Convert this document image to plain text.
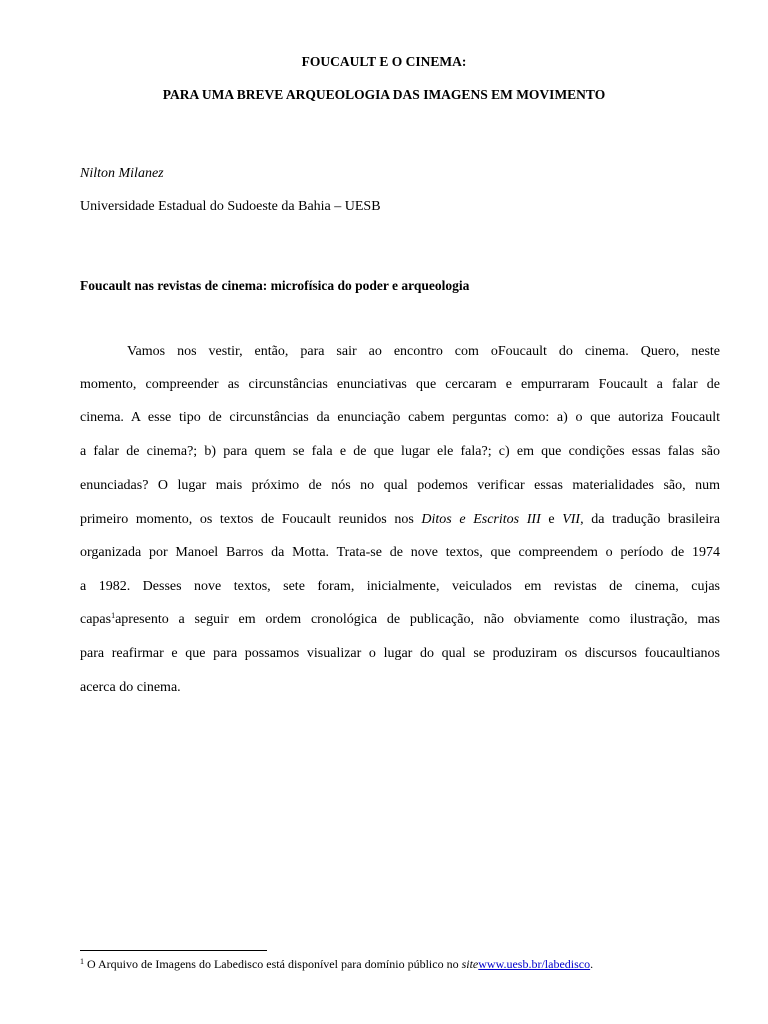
FOUCAULT E O CINEMA:
PARA UMA BREVE ARQUEOLOGIA DAS IMAGENS EM MOVIMENTO
Nilton Milanez
Universidade Estadual do Sudoeste da Bahia – UESB
Foucault nas revistas de cinema: microfísica do poder e arqueologia
Vamos nos vestir, então, para sair ao encontro com oFoucault do cinema. Quero, neste
momento, compreender as circunstâncias enunciativas que cercaram e empurraram Foucault a falar de
cinema. A esse tipo de circunstâncias da enunciação cabem perguntas como: a) o que autoriza Foucault
a falar de cinema?; b) para quem se fala e de que lugar ele fala?; c) em que condições essas falas são
enunciadas? O lugar mais próximo de nós no qual podemos verificar essas materialidades são, num
primeiro momento, os textos de Foucault reunidos nos Ditos e Escritos III e VII, da tradução brasileira
organizada por Manoel Barros da Motta. Trata-se de nove textos, que compreendem o período de 1974
a 1982. Desses nove textos, sete foram, inicialmente, veiculados em revistas de cinema, cujas
capas$^1$apresento a seguir em ordem cronológica de publicação, não obviamente como ilustração, mas
para reafirmar e que para possamos visualizar o lugar do qual se produziram os discursos foucaultianos
acerca do cinema.
$^1$ O Arquivo de Imagens do Labedisco está disponível para domínio público no sitewww.uesb.br/labedisco.
